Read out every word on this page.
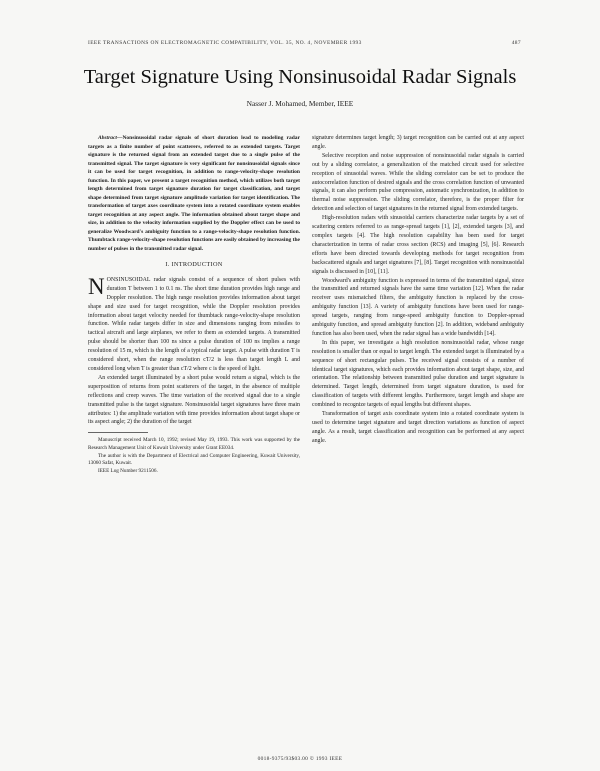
IEEE TRANSACTIONS ON ELECTROMAGNETIC COMPATIBILITY, VOL. 35, NO. 4, NOVEMBER 1993	487
Target Signature Using Nonsinusoidal Radar Signals
Nasser J. Mohamed, Member, IEEE

Abstract—Nonsinusoidal radar signals of short duration lead to modeling radar targets as a finite number of point scatterers, referred to as extended targets. Target signature is the returned signal from an extended target due to a single pulse of the transmitted signal. The target signature is very significant for nonsinusoidal signals since it can be used for target recognition, in addition to range-velocity-shape resolution function. In this paper, we present a target recognition method, which utilizes both target length determined from target signature duration for target classification, and target shape determined from target signature amplitude variation for target identification. The transformation of target axes coordinate system into a rotated coordinate system enables target recognition at any aspect angle. The information obtained about target shape and size, in addition to the velocity information supplied by the Doppler effect can be used to generalize Woodward's ambiguity function to a range-velocity-shape resolution function. Thumbtack range-velocity-shape resolution functions are easily obtained by increasing the number of pulses in the transmitted radar signal.

I. INTRODUCTION

NONSINUSOIDAL radar signals consist of a sequence of short pulses with duration T between 1 to 0.1 ns. The short time duration provides high range and Doppler resolution. The high range resolution provides information about target shape and size used for target recognition, while the Doppler resolution provides information about target velocity needed for thumbtack range-velocity-shape resolution function. While radar targets differ in size and dimensions ranging from missiles to tactical aircraft and large airplanes, we refer to them as extended targets. A transmitted pulse should be shorter than 100 ns since a pulse duration of 100 ns implies a range resolution of 15 m, which is the length of a typical radar target. A pulse with duration T is considered short, when the range resolution cT/2 is less than target length L and considered long when T is greater than cT/2 where c is the speed of light.

An extended target illuminated by a short pulse would return a signal, which is the superposition of returns from point scatterers of the target, in the absence of multiple reflections and creep waves. The time variation of the received signal due to a single transmitted pulse is the target signature. Nonsinusoidal target signatures have three main attributes: 1) the amplitude variation with time provides information about target shape or its aspect angle; 2) the duration of the target

Manuscript received March 10, 1992; revised May 19, 1993. This work was supported by the Research Management Unit of Kuwait University under Grant EE034.

The author is with the Department of Electrical and Computer Engineering, Kuwait University, 13060 Safat, Kuwait.

IEEE Log Number 9211506.

signature determines target length; 3) target recognition can be carried out at any aspect angle.

Selective reception and noise suppression of nonsinusoidal radar signals is carried out by a sliding correlator, a generalization of the matched circuit used for selective reception of sinusoidal waves. While the sliding correlator can be set to produce the autocorrelation function of desired signals and the cross correlation function of unwanted signals, it can also perform pulse compression, automatic synchronization, in addition to thermal noise suppression. The sliding correlator, therefore, is the proper filter for detection and selection of target signatures in the returned signal from extended targets.

High-resolution radars with sinusoidal carriers characterize radar targets by a set of scattering centers referred to as range-spread targets [1], [2], extended targets [3], and complex targets [4]. The high resolution capability has been used for target characterization in terms of radar cross section (RCS) and imaging [5], [6]. Research efforts have been directed towards developing methods for target recognition from backscattered signals and target signatures [7], [8]. Target recognition with nonsinusoidal signals is discussed in [10], [11].

Woodward's ambiguity function is expressed in terms of the transmitted signal, since the transmitted and returned signals have the same time variation [12]. When the radar receiver uses mismatched filters, the ambiguity function is replaced by the cross-ambiguity function [13]. A variety of ambiguity functions have been used for range-spread targets, ranging from range-speed ambiguity function to Doppler-spread ambiguity function, and spread ambiguity function [2]. In addition, wideband ambiguity function has also been used, when the radar signal has a wide bandwidth [14].

In this paper, we investigate a high resolution nonsinusoidal radar, whose range resolution is smaller than or equal to target length. The extended target is illuminated by a sequence of short rectangular pulses. The received signal consists of a number of identical target signatures, which each provides information about target shape, size, and orientation. The relationship between transmitted pulse duration and target signature is determined. Target length, determined from target signature duration, is used for classification of targets with different lengths. Furthermore, target length and shape are combined to recognize targets of equal lengths but different shapes.

Transformation of target axis coordinate system into a rotated coordinate system is used to determine target signature and target direction variations as function of aspect angle. As a result, target classification and recognition can be performed at any aspect angle.

0018-9375/93$03.00 © 1993 IEEE
